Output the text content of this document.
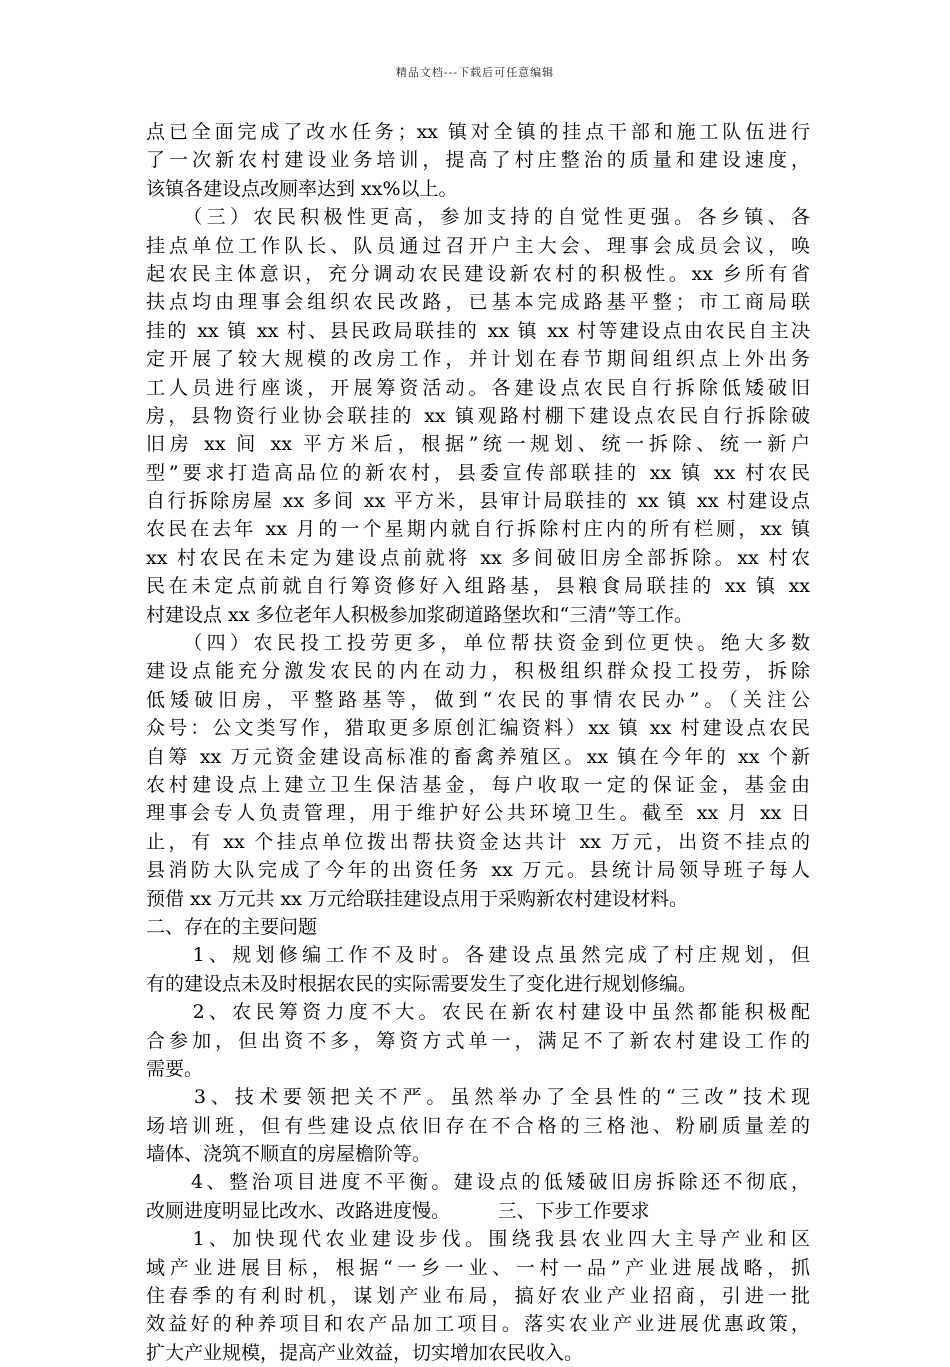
精品文档---下载后可任意编辑
点已全面完成了改水任务；xx 镇对全镇的挂点干部和施工队伍进行
了一次新农村建设业务培训，提高了村庄整治的质量和建设速度，
该镇各建设点改厕率达到 xx%以上。
　　（三）农民积极性更高，参加支持的自觉性更强。各乡镇、各
挂点单位工作队长、队员通过召开户主大会、理事会成员会议，唤
起农民主体意识，充分调动农民建设新农村的积极性。xx 乡所有省
扶点均由理事会组织农民改路，已基本完成路基平整；市工商局联
挂的 xx 镇 xx 村、县民政局联挂的 xx 镇 xx 村等建设点由农民自主决
定开展了较大规模的改房工作，并计划在春节期间组织点上外出务
工人员进行座谈，开展筹资活动。各建设点农民自行拆除低矮破旧
房，县物资行业协会联挂的 xx 镇观路村棚下建设点农民自行拆除破
旧房 xx 间 xx 平方米后，根据”统一规划、统一拆除、统一新户
型”要求打造高品位的新农村，县委宣传部联挂的 xx 镇 xx 村农民
自行拆除房屋 xx 多间 xx 平方米，县审计局联挂的 xx 镇 xx 村建设点
农民在去年 xx 月的一个星期内就自行拆除村庄内的所有栏厕，xx 镇
xx 村农民在未定为建设点前就将 xx 多间破旧房全部拆除。xx 村农
民在未定点前就自行筹资修好入组路基，县粮食局联挂的 xx 镇 xx
村建设点 xx 多位老年人积极参加浆砌道路堡坎和“三清”等工作。
　　（四）农民投工投劳更多，单位帮扶资金到位更快。绝大多数
建设点能充分激发农民的内在动力，积极组织群众投工投劳，拆除
低矮破旧房，平整路基等，做到“农民的事情农民办”。（关注公
众号：公文类写作，猎取更多原创汇编资料）xx 镇 xx 村建设点农民
自筹 xx 万元资金建设高标准的畜禽养殖区。xx 镇在今年的 xx 个新
农村建设点上建立卫生保洁基金，每户收取一定的保证金，基金由
理事会专人负责管理，用于维护好公共环境卫生。截至 xx 月 xx 日
止，有 xx 个挂点单位拨出帮扶资金达共计 xx 万元，出资不挂点的
县消防大队完成了今年的出资任务 xx 万元。县统计局领导班子每人
预借 xx 万元共 xx 万元给联挂建设点用于采购新农村建设材料。
二、存在的主要问题
　　1、规划修编工作不及时。各建设点虽然完成了村庄规划，但
有的建设点未及时根据农民的实际需要发生了变化进行规划修编。
　　2、农民筹资力度不大。农民在新农村建设中虽然都能积极配
合参加，但出资不多，筹资方式单一，满足不了新农村建设工作的
需要。
　　3、技术要领把关不严。虽然举办了全县性的“三改”技术现
场培训班，但有些建设点依旧存在不合格的三格池、粉刷质量差的
墙体、浇筑不顺直的房屋檐阶等。
　　4、整治项目进度不平衡。建设点的低矮破旧房拆除还不彻底，
改厕进度明显比改水、改路进度慢。　　　三、下步工作要求
　　1、加快现代农业建设步伐。围绕我县农业四大主导产业和区
域产业进展目标，根据“一乡一业、一村一品”产业进展战略，抓
住春季的有利时机，谋划产业布局，搞好农业产业招商，引进一批
效益好的种养项目和农产品加工项目。落实农业产业进展优惠政策，
扩大产业规模，提高产业效益，切实增加农民收入。
